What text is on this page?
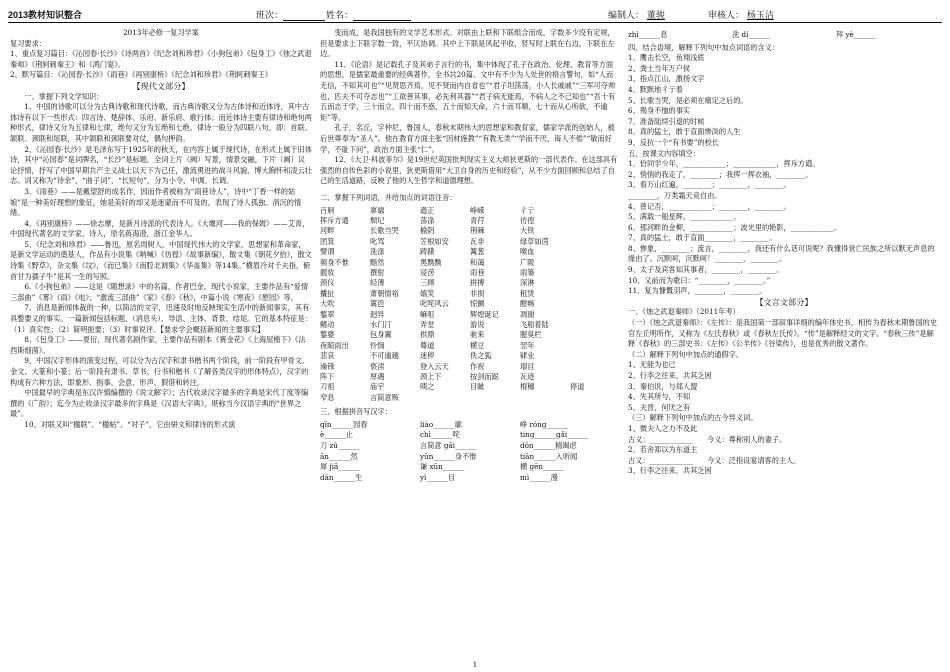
2013教材知识整合	班次：	姓名：	编制人： 董骏	审核人： 杨玉洁

2013年必修一复习学案

复习要求：

1、重点复习篇目：《沁园春·长沙》《诗两首》《纪念刘和珍君》《小狗包弟》《包身工》《烛之武退秦师》《荆轲刺秦王》和《鸿门宴》。

2、默写篇目：《沁园春·长沙》《雨巷》《再别康桥》《纪念刘和珍君》《荆轲刺秦王》

【现代文部分】

一、掌握下列文学知识：

1、中国的诗歌可以分为古典诗歌和现代诗歌，而古典诗歌又分为古体诗和近体诗，其中古体诗有以下一些形式：四言诗、楚辞体、乐府、新乐府、歌行体；而近体诗主要有律诗和绝句两种形式，律诗又分为五律和七律，绝句又分为五绝和七绝。律诗一般分为四联八句，即：首联、颔联、颈联和尾联，其中颔联和颈联要对仗，偶句押韵。

2、《沁园春·长沙》是毛泽东写于1925年的秋天，在内容上属于现代诗，在形式上属于旧体诗，其中“沁园春”是词牌名，“长沙”是标题。全词上片（阙）写景，情景交融，下片（阙）议论抒情，抒写了中国早期共产主义战士以天下为己任，激流勇进的战斗风貌、博大胸怀和凌云壮志。词又称为“诗余”、“曲子词”、“长短句”，分为小令、中调、长调。

3、《雨巷》——是戴望舒的成名作，因而作者被称为“雨巷诗人”，诗中“丁香一样的姑娘”是一种美好理想的象征，她是美好的却又是迷蒙而不可及的，表现了诗人孤独、消沉的情绪。

4、《再别康桥》——徐志摩，是新月诗派的代表诗人。《大堰河——我的保姆》——艾青，中国现代著名的文学家、诗人，原名蒋海澄，浙江金华人。

5、《纪念刘和珍君》——鲁迅，原名周树人，中国现代伟大的文学家、思想家和革命家，是新文学运动的奠基人，作品有小说集《呐喊》《彷徨》《故事新编》，散文集《朝花夕拾》，散文诗集《野草》，杂文集《坟》，《而已集》《南腔北调集》《华盖集》等14集。”横眉冷对千夫指，俯首甘为孺子牛”是其一生的写照。

6.《小狗包弟》——这是《随想录》中的名篇，作者巴金，现代小说家，主要作品有“爱情三部曲”《雾》《雨》《电》；“激流三部曲”《家》《春》《秋》，中篇小说《寒夜》《憩园》等。

7、消息是新闻体裁的一种，以简洁的文字，迅速及时地反映现实生活中的新闻事实，其有具整要义的事实。一篇新闻包括标题、（消息头）、导语、主体、背景、结尾。它的基本特征是：（1）真实性；（2）简明扼要；（3）时事说评。【要求学会概括新闻的主要事实】

8、《包身工》——夏衍，现代著名剧作家，主要作品有剧本《赛金花》《上海屋檐下》《法西斯细菌》。

9、中国汉字形体的演变过程，可以分为古汉字和隶书楷书两个阶段，前一阶段有甲骨文、金文、大篆和小篆；后一阶段有隶书、草书、行书和楷书（了解各类汉字的形体特点），汉字的构成有六种方法，即象形、指事、会意、形声、假借和转注。

中国最早的字典是东汉许慎编撰的《说文解字》；古代收录汉字最多的字典是宋代丁度等编撰的《广韵》；迄今为止收录汉字最多的字典是《汉语大字典》，堪称当今汉语字典的“世界之最”。

10、对联又叫“楹联”、“楹帖”、“对子”，它由骈文和律诗的形式演

变而成，是我国独有的文学艺术形式。对联由上联和下联组合而成，字数多少没有定规，但是要求上下联字数一致，平仄协调。其中上下联是风起平收，竖写时上联在右边，下联在左边。

11、《论语》是记载孔子及其弟子言行的书，集中体现了孔子在政治、伦理、教育等方面的思想，是儒家最重要的经典著作，全书共20篇。文中有不少为人处世的格言警句，如“人而无信，不知其可也”“见贤思齐焉，见不贤而内自省也”“君子坦荡荡，小人长戚戚”“三军可夺帅也，匹夫不可夺志也”“工欲善其事，必先利其器”“君子病无能焉，不病人之不己知也”“吾十有五而志于学，三十而立，四十而不惑，五十而知天命，六十而耳顺，七十而从心所欲，不逾矩”等。

孔子，名丘，字仲尼，鲁国人，春秋末期伟大的思想家和教育家，儒家学派的创始人，被后世尊奉为“圣人”。他在教育方面主张“因材施教”“有教无类”“学而不厌，诲人不倦”“敏而好学，不耻下问”，政治方面主张“仁”。

12、《大卫·科波菲尔》是19世纪英国批判现实主义大师狄更斯的一部代表作。在这部具有强烈的自传色彩的小说里，狄更斯借用“大卫自身的历史和经验”，从不少方面回顾和总结了自己的生活道路，反映了他的人生哲学和道德理想。

二、掌握下列词语，并给加点的词语注音：

百舸	寥廓	遒正	峥嵘	彳亍
挥斥方遒	颓圮	荡涤	青荇	彷徨
河畔	长歌当哭	榆阴	荆棘	大铁
团箕	叱骂	笠根如安	瓦非	绿草如茵
譬谓	洗涤	踌躇	篝葱	喉血
频身不惟	黯然	黑黝黝	和蔼	广陂
靓妆	撰射	浸涝	雨巷	雨篓
颈仪	轻薄	三顾	拼搏	深淋
攮扯	萧朝情裕	嬉笑	非损	租赁
大吹	篱笆	叱咤风云	惊颤	酣畅
鏊翠	迥异	嘛咀	辉煌诞记	凋谢
鳍动	水门汀	弄堂	游说	飞船着陆
鏊婆	包身翼	拱鼎	驰来	腥臭栏
夜晾雨出	怜悯	蓦道	横豆	翌年
悲哀	不可逾越	迷秽	佚之狐	肄业
澡锋	亵渎	登入云天	作祝	瑁目
阵下	厚遇	颈上下	按剑而跽	瓦迹
刀祖	庙宇	咦之	目眦	棍穗	停道
窄息	言简意赅

三、根据拼音写汉字：

qīn______园春	liáo______廓	峥 róng______
è______止	chì______咤	ting______gǎi______
刀 zǔ______	言简意 gāi______	dōn______精竭虑
ān______然	yūn______身不惟	tiān______入听闻
犀 jiǎ______	谦 xūn______	横 gēn______
dān______生	yì______目	mì______漫
zhì______息	洗 dí______	拜 yè______

四、结合语境，解释下列句中加点词语的含义：

1、鹰击长空，鱼翔浅底

2、粪土当年万户侯

3、指点江山，激扬文字

4、默默地彳亍着

5、长歌当哭，是必须在痛定之后的。

6、殒身不恤的事实

7、准备陆续引退的时候

8、真的猛士，敢于直面惨淡的人生

9、反抗一个“有书要”的校长

五、按课文内容填空：

1、恰同学少年，____________；____________，挥斥方遒。

2、悄悄的我走了，________；我挥一挥衣袖，________。

3、看万山红遍，________；________，________。

________，万类霜天竞自由。

4、曾记否，____________；________，________。

5、满载一船星辉，____________。

6、那河畔的金柳，____________；波光里的艳影，____________。

7、真的猛士，敢于直面________，________。

8、惨象，________；流言，________，我还有什么话可说呢？我懂得衰亡民族之所以默无声息的缘由了。沉默呵，沉默呵！________，________。

9、太子及宾客知其事者，________，________。

10、又前而为歌曰：“________，________。”

11、复为慷慨羽声，________，________。

【文言文部分】

一、《烛之武退秦师》（2011年考）

（一）《烛之武退秦师》：《左传》：是我国第一部叙事详细的编年体史书，相传为春秋末期鲁国的史官左丘明所作，又称为《左氏春秋》或《春秋左氏传》。“传”是解释经文的文字。“春秋三传”是解释《春秋》的三部史书：《左传》《公羊传》《谷梁传》，也是优秀的散文著作。

（二）解释下列句中加点的通假字。

1、无能为也已

2、行李之往来，共其乏困

3、秦伯说，与郑人盟

4、失其所与，不知

5、夫晋，何厌之有

（三）解释下列句中加点的古今异义词。

1、微夫人之力不及此

古义：____________　　今义：尊称别人的妻子。

2、若舍郑以为东道主

古义：____________　　今义：泛指设宴请客的主人。

3、行李之往来，共其乏困

1
